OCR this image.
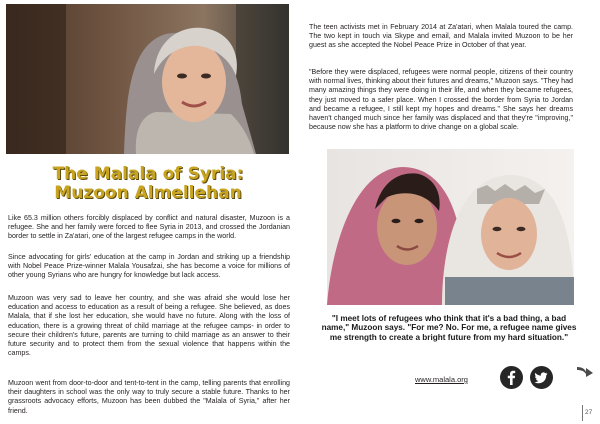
The Malala of Syria:
Muzoon Almellehan

Like 65.3 million others forcibly displaced by conflict and natural disaster, Muzoon is a refugee. She and her family were forced to flee Syria in 2013, and crossed the Jordanian border to settle in Za'atari, one of the largest refugee camps in the world.

Since advocating for girls' education at the camp in Jordan and striking up a friendship with Nobel Peace Prize-winner Malala Yousafzai, she has become a voice for millions of other young Syrians who are hungry for knowledge but lack access.

Muzoon was very sad to leave her country, and she was afraid she would lose her education and access to education as a result of being a refugee. She believed, as does Malala, that if she lost her education, she would have no future. Along with the loss of education, there is a growing threat of child marriage at the refugee camps- in order to secure their children's future, parents are turning to child marriage as an answer to their future security and to protect them from the sexual violence that happens within the camps.

Muzoon went from door-to-door and tent-to-tent in the camp, telling parents that enrolling their daughters in school was the only way to truly secure a stable future. Thanks to her grassroots advocacy efforts, Muzoon has been dubbed the "Malala of Syria," after her friend.

The teen activists met in February 2014 at Za'atari, when Malala toured the camp. The two kept in touch via Skype and email, and Malala invited Muzoon to be her guest as she accepted the Nobel Peace Prize in October of that year.

"Before they were displaced, refugees were normal people, citizens of their country with normal lives, thinking about their futures and dreams," Muzoon says. "They had many amazing things they were doing in their life, and when they became refugees, they just moved to a safer place. When I crossed the border from Syria to Jordan and became a refugee, I still kept my hopes and dreams." She says her dreams haven't changed much since her family was displaced and that they're "improving," because now she has a platform to drive change on a global scale.

"I meet lots of refugees who think that it's a bad thing, a bad name," Muzoon says. "For me? No. For me, a refugee name gives me strength to create a bright future from my hard situation."

www.malala.org
27
